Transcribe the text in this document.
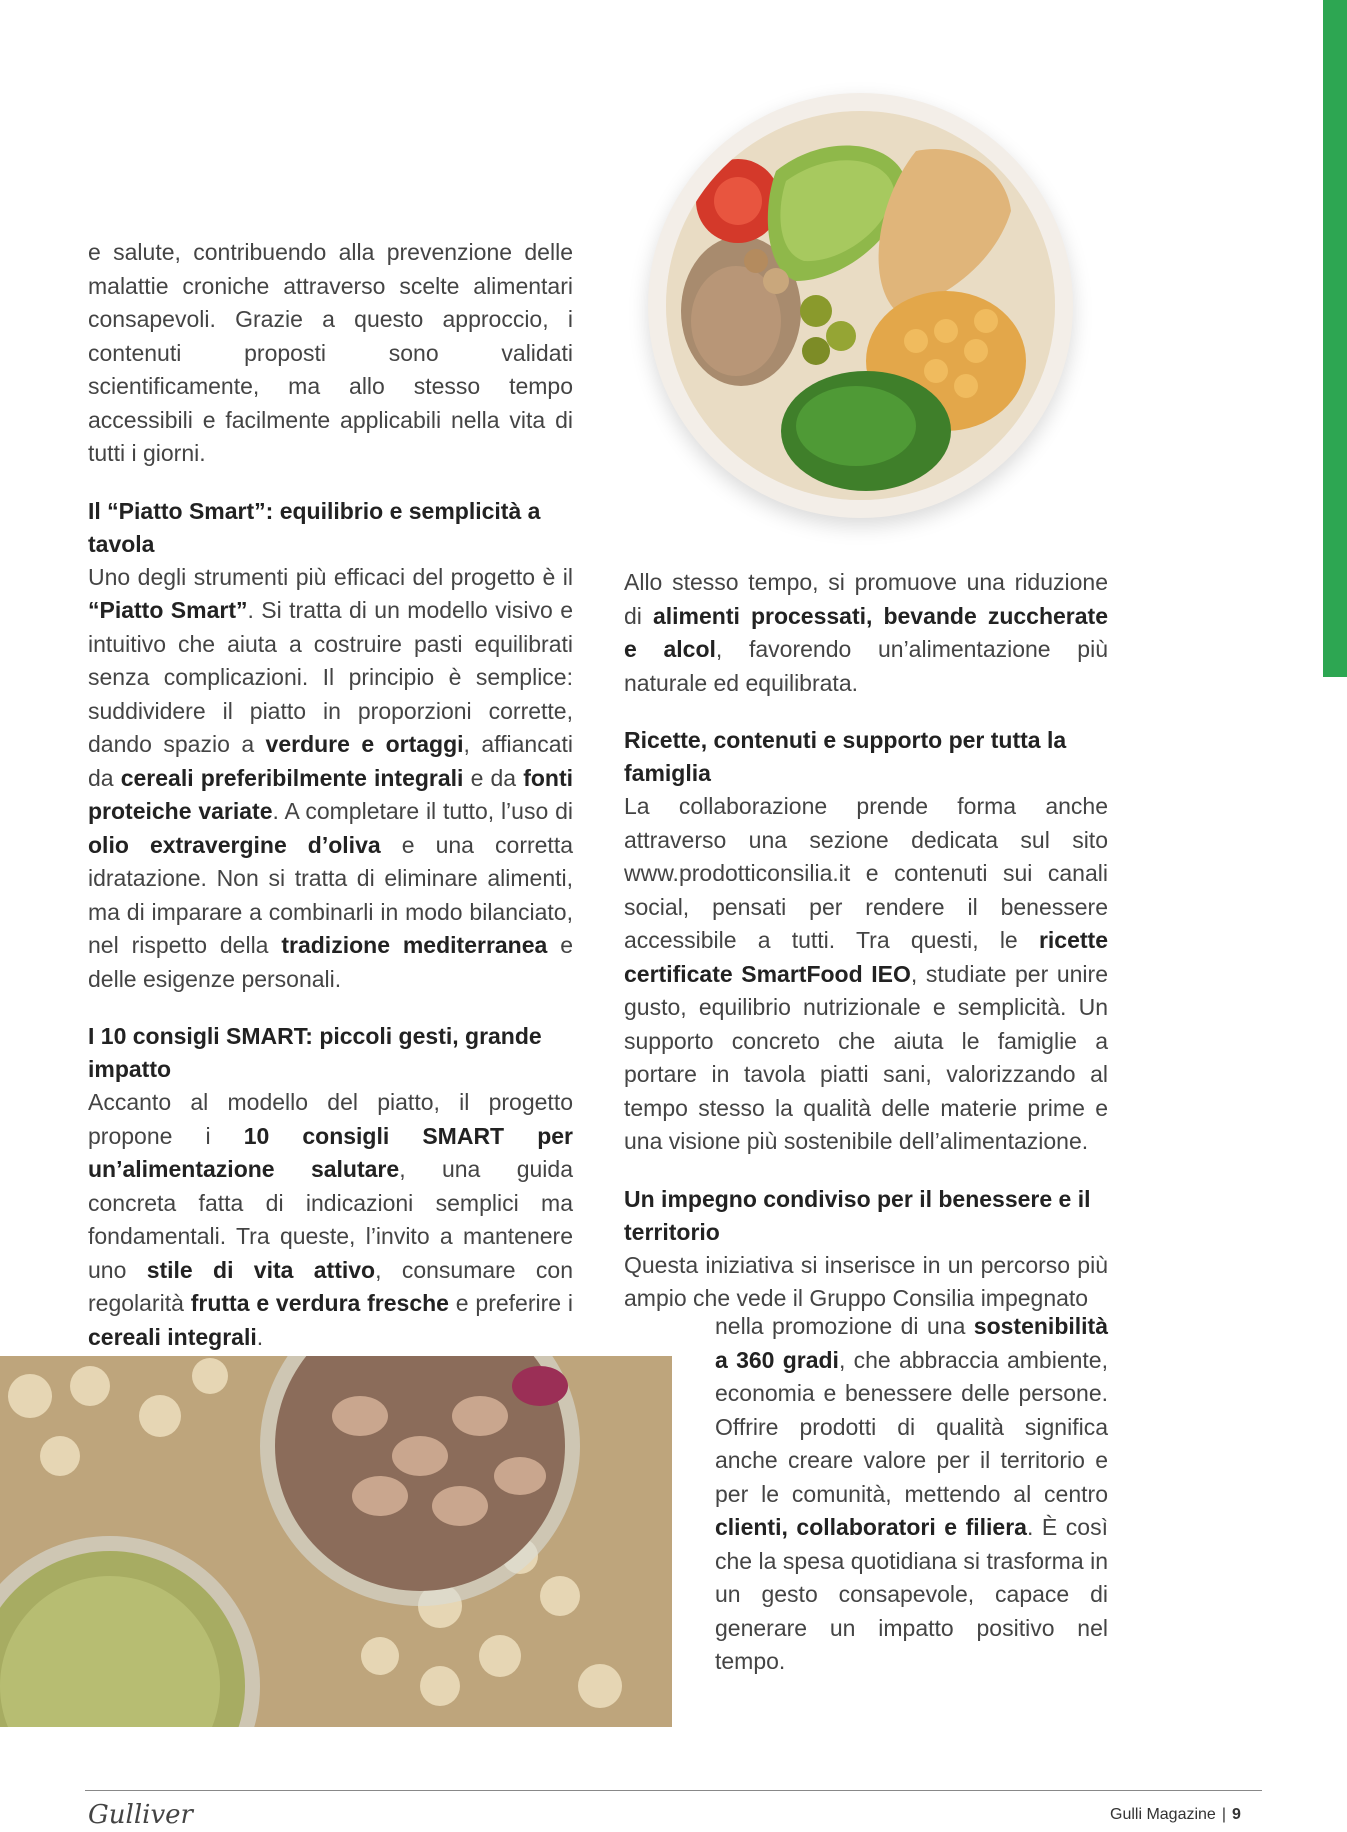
e salute, contribuendo alla prevenzione delle malattie croniche attraverso scelte alimentari consapevoli. Grazie a questo approccio, i contenuti proposti sono validati scientificamente, ma allo stesso tempo accessibili e facilmente applicabili nella vita di tutti i giorni.

Il “Piatto Smart”: equilibrio e semplicità a tavola

Uno degli strumenti più efficaci del progetto è il “Piatto Smart”. Si tratta di un modello visivo e intuitivo che aiuta a costruire pasti equilibrati senza complicazioni. Il principio è semplice: suddividere il piatto in proporzioni corrette, dando spazio a verdure e ortaggi, affiancati da cereali preferibilmente integrali e da fonti proteiche variate. A completare il tutto, l’uso di olio extravergine d’oliva e una corretta idratazione. Non si tratta di eliminare alimenti, ma di imparare a combinarli in modo bilanciato, nel rispetto della tradizione mediterranea e delle esigenze personali.

I 10 consigli SMART: piccoli gesti, grande impatto

Accanto al modello del piatto, il progetto propone i 10 consigli SMART per un’alimentazione salutare, una guida concreta fatta di indicazioni semplici ma fondamentali. Tra queste, l’invito a mantenere uno stile di vita attivo, consumare con regolarità frutta e verdura fresche e preferire i cereali integrali.

Allo stesso tempo, si promuove una riduzione di alimenti processati, bevande zuccherate e alcol, favorendo un’alimentazione più naturale ed equilibrata.

Ricette, contenuti e supporto per tutta la famiglia

La collaborazione prende forma anche attraverso una sezione dedicata sul sito www.prodotticonsilia.it e contenuti sui canali social, pensati per rendere il benessere accessibile a tutti. Tra questi, le ricette certificate SmartFood IEO, studiate per unire gusto, equilibrio nutrizionale e semplicità. Un supporto concreto che aiuta le famiglie a portare in tavola piatti sani, valorizzando al tempo stesso la qualità delle materie prime e una visione più sostenibile dell’alimentazione.

Un impegno condiviso per il benessere e il territorio

Questa iniziativa si inserisce in un percorso più ampio che vede il Gruppo Consilia impegnato

nella promozione di una sostenibilità a 360 gradi, che abbraccia ambiente, economia e benessere delle persone. Offrire prodotti di qualità significa anche creare valore per il territorio e per le comunità, mettendo al centro clienti, collaboratori e filiera. È così che la spesa quotidiana si trasforma in un gesto consapevole, capace di generare un impatto positivo nel tempo.

Gulliver	Gulli Magazine | 9
